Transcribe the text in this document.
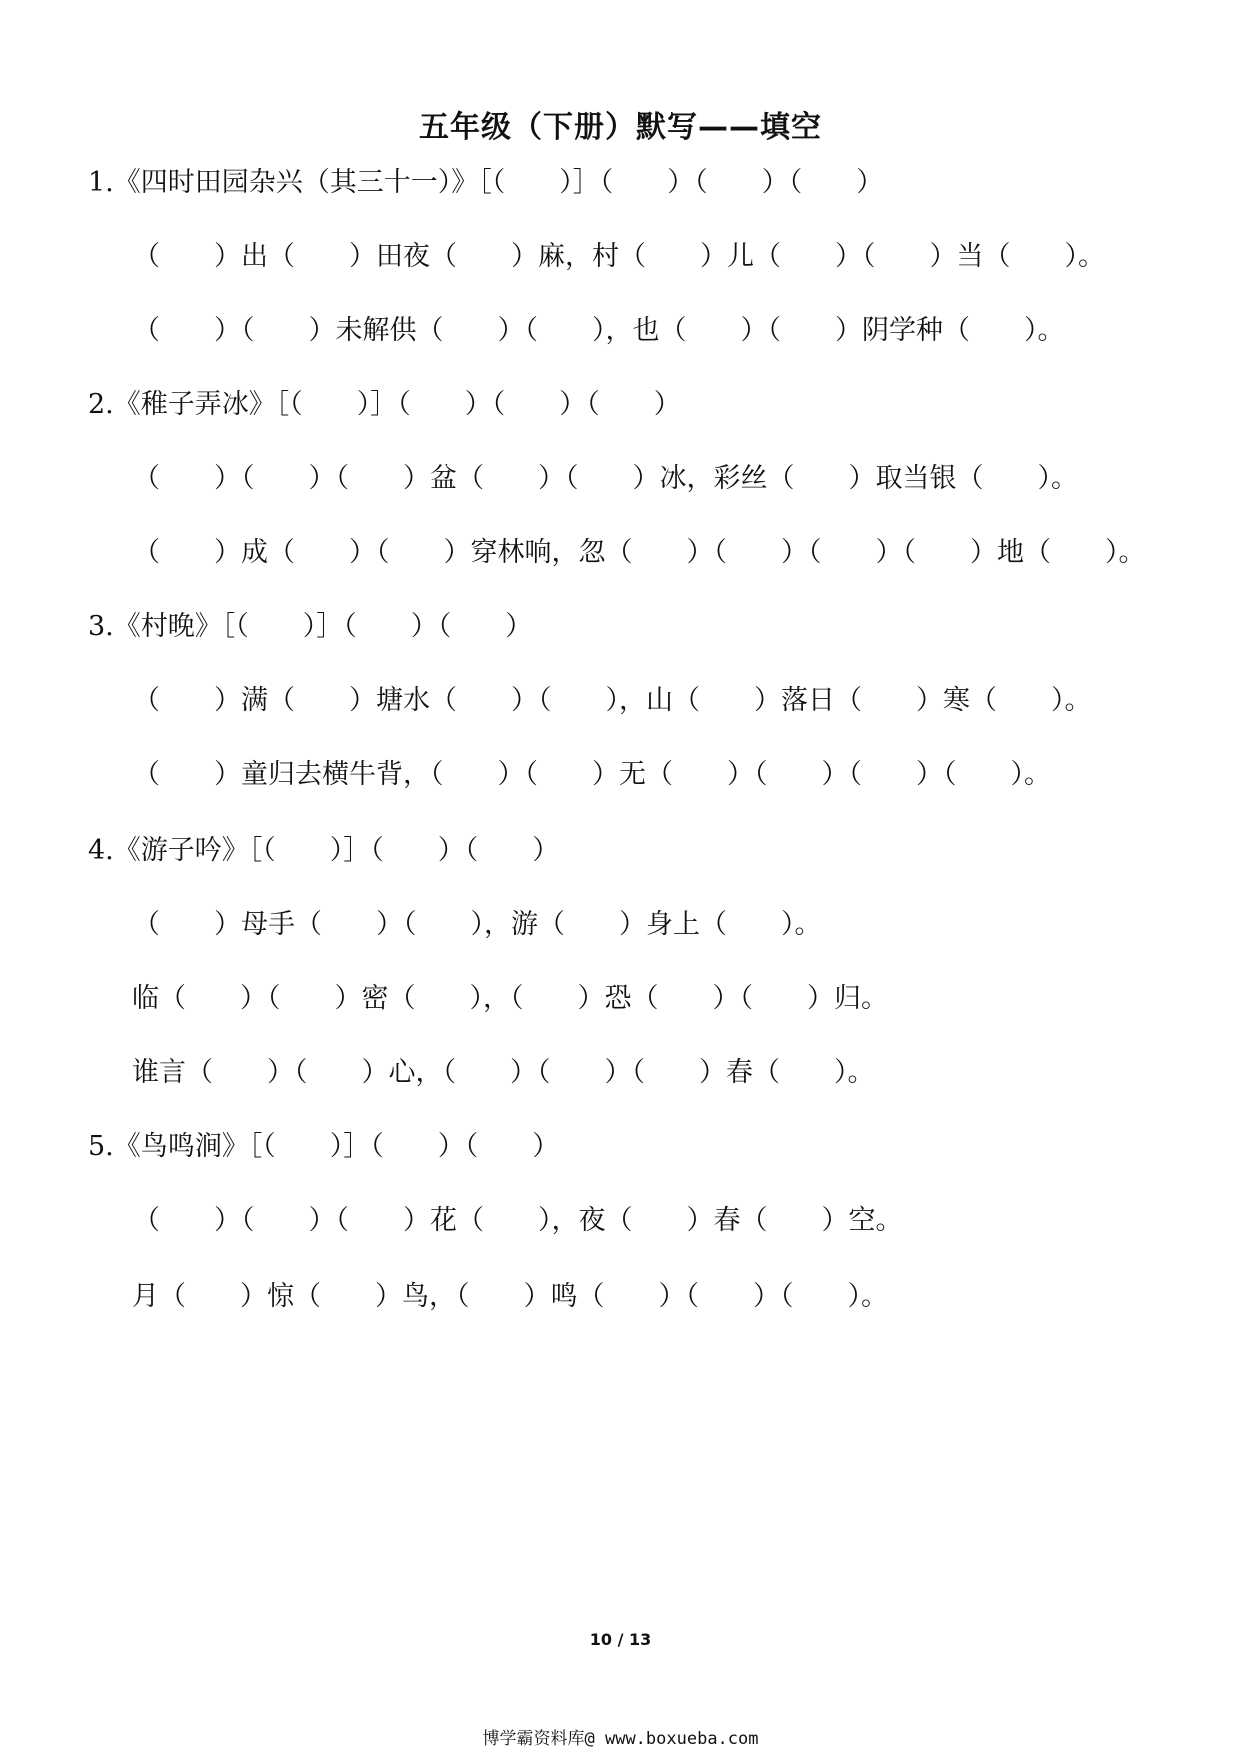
五年级（下册）默写——填空
1.《四时田园杂兴（其三十一）》［（　　）］（　　）（　　）（　　）
（　　）出（　　）田夜（　　）麻，村（　　）儿（　　）（　　）当（　　）。
（　　）（　　）未解供（　　）（　　），也（　　）（　　）阴学种（　　）。
2.《稚子弄冰》［（　　）］（　　）（　　）（　　）
（　　）（　　）（　　）盆（　　）（　　）冰，彩丝（　　）取当银（　　）。
（　　）成（　　）（　　）穿林响，忽（　　）（　　）（　　）（　　）地（　　）。
3.《村晚》［（　　）］（　　）（　　）
（　　）满（　　）塘水（　　）（　　），山（　　）落日（　　）寒（　　）。
（　　）童归去横牛背，（　　）（　　）无（　　）（　　）（　　）（　　）。
4.《游子吟》［（　　）］（　　）（　　）
（　　）母手（　　）（　　），游（　　）身上（　　）。
临（　　）（　　）密（　　），（　　）恐（　　）（　　）归。
谁言（　　）（　　）心，（　　）（　　）（　　）春（　　）。
5.《鸟鸣涧》［（　　）］（　　）（　　）
（　　）（　　）（　　）花（　　），夜（　　）春（　　）空。
月（　　）惊（　　）鸟，（　　）鸣（　　）（　　）（　　）。
10 / 13
博学霸资料库@ www.boxueba.com
